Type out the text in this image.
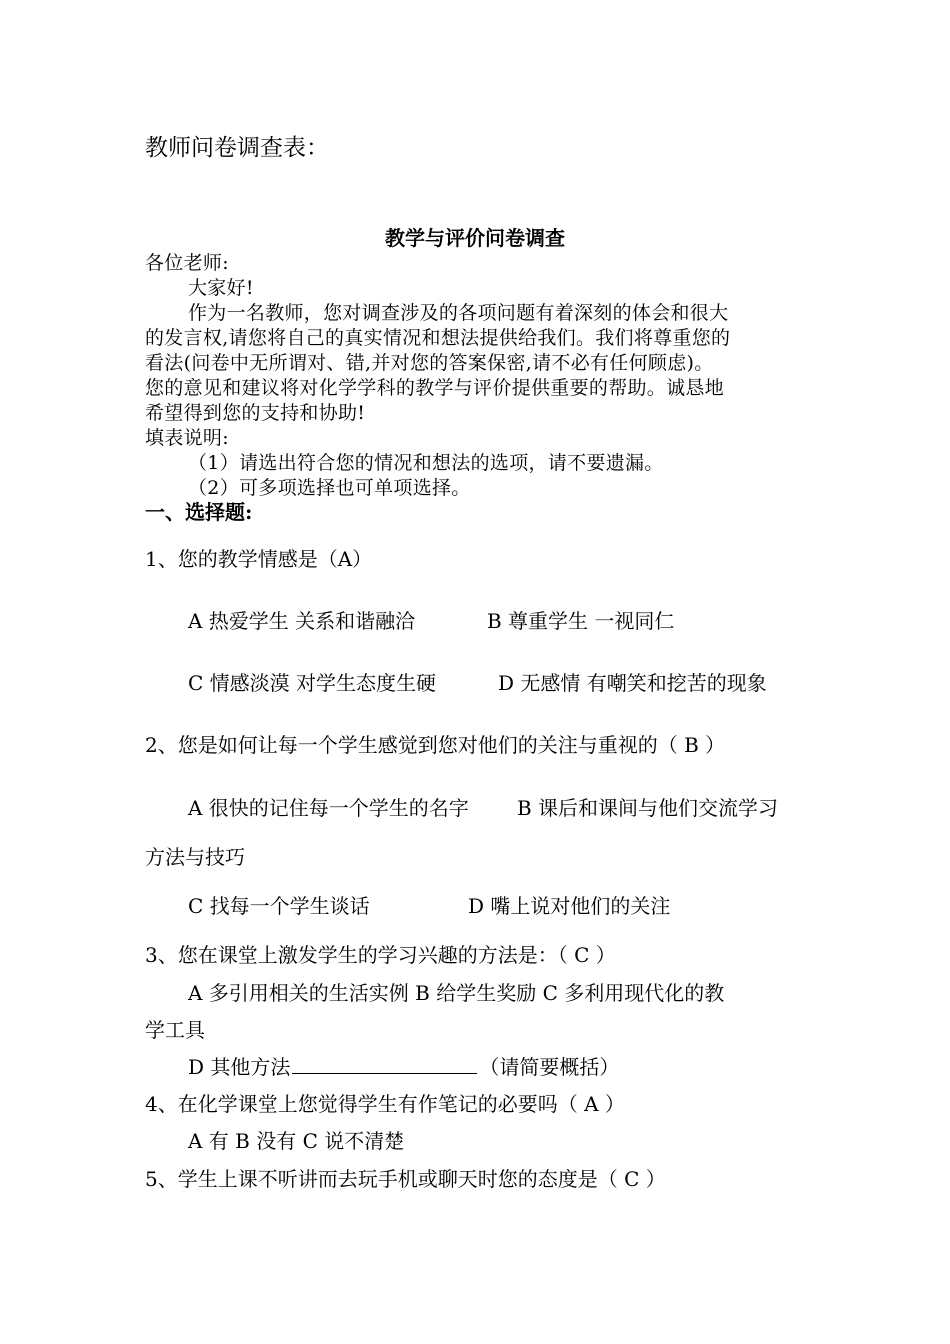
教师问卷调查表：
教学与评价问卷调查
各位老师:
大家好!
作为一名教师，您对调查涉及的各项问题有着深刻的体会和很大
的发言权,请您将自己的真实情况和想法提供给我们。我们将尊重您的
看法(问卷中无所谓对、错,并对您的答案保密,请不必有任何顾虑)。
您的意见和建议将对化学学科的教学与评价提供重要的帮助。诚恳地
希望得到您的支持和协助!
填表说明:
（1）请选出符合您的情况和想法的选项，请不要遗漏。
（2）可多项选择也可单项选择。
一、选择题:
1、您的教学情感是（A）
A 热爱学生 关系和谐融洽	B 尊重学生 一视同仁
C 情感淡漠 对学生态度生硬	D 无感情 有嘲笑和挖苦的现象
2、您是如何让每一个学生感觉到您对他们的关注与重视的（ B ）
A 很快的记住每一个学生的名字 B 课后和课间与他们交流学习
方法与技巧
C 找每一个学生谈话	D 嘴上说对他们的关注
3、您在课堂上激发学生的学习兴趣的方法是：（ C ）
A 多引用相关的生活实例 B 给学生奖励 C 多利用现代化的教
学工具
D 其他方法	（请简要概括）
4、在化学课堂上您觉得学生有作笔记的必要吗（ A ）
A 有 B 没有 C 说不清楚
5、学生上课不听讲而去玩手机或聊天时您的态度是（ C ）
